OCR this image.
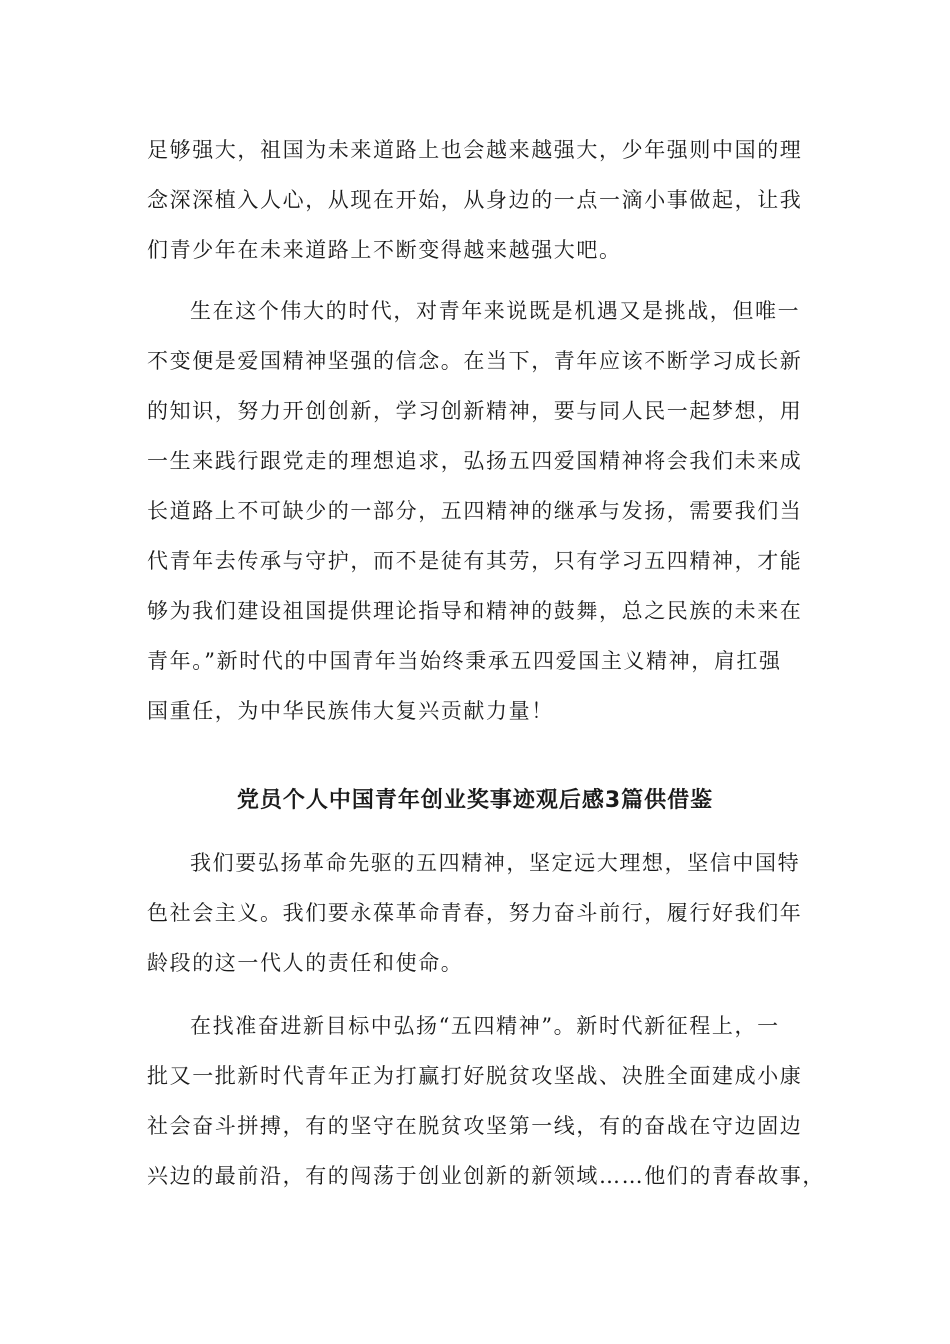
足够强大，祖国为未来道路上也会越来越强大，少年强则中国的理
念深深植入人心，从现在开始，从身边的一点一滴小事做起，让我
们青少年在未来道路上不断变得越来越强大吧。
生在这个伟大的时代，对青年来说既是机遇又是挑战，但唯一
不变便是爱国精神坚强的信念。在当下，青年应该不断学习成长新
的知识，努力开创创新，学习创新精神，要与同人民一起梦想，用
一生来践行跟党走的理想追求，弘扬五四爱国精神将会我们未来成
长道路上不可缺少的一部分，五四精神的继承与发扬，需要我们当
代青年去传承与守护，而不是徒有其劳，只有学习五四精神，才能
够为我们建设祖国提供理论指导和精神的鼓舞，总之民族的未来在
青年。”新时代的中国青年当始终秉承五四爱国主义精神，肩扛强
国重任，为中华民族伟大复兴贡献力量！
党员个人中国青年创业奖事迹观后感3篇供借鉴
我们要弘扬革命先驱的五四精神，坚定远大理想，坚信中国特
色社会主义。我们要永葆革命青春，努力奋斗前行，履行好我们年
龄段的这一代人的责任和使命。
在找准奋进新目标中弘扬“五四精神”。新时代新征程上，一
批又一批新时代青年正为打赢打好脱贫攻坚战、决胜全面建成小康
社会奋斗拼搏，有的坚守在脱贫攻坚第一线，有的奋战在守边固边
兴边的最前沿，有的闯荡于创业创新的新领域……他们的青春故事，
